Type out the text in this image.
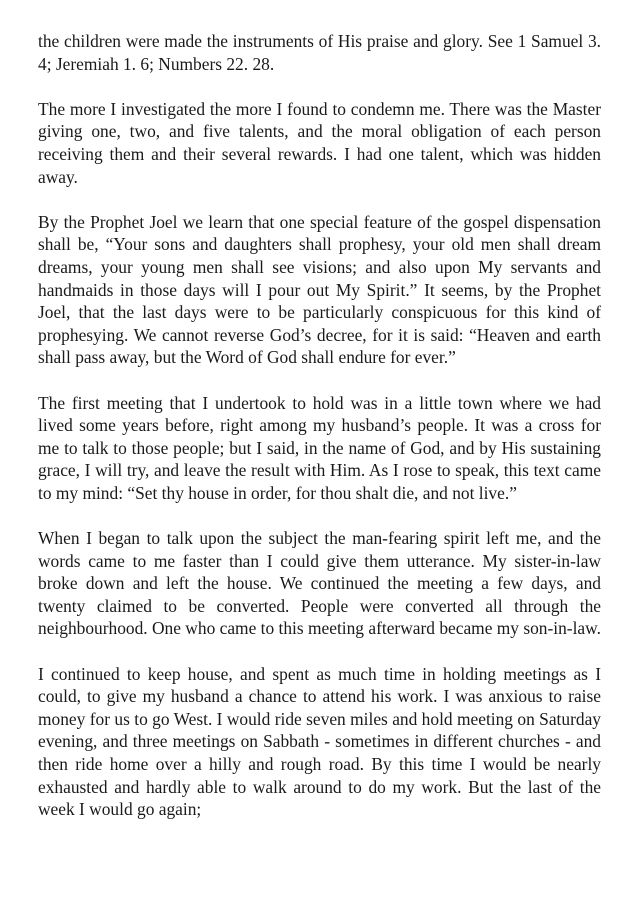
the children were made the instruments of His praise and glory. See 1 Samuel 3. 4; Jeremiah 1. 6; Numbers 22. 28.

The more I investigated the more I found to condemn me. There was the Master giving one, two, and five talents, and the moral obligation of each person receiving them and their several rewards. I had one talent, which was hidden away.

By the Prophet Joel we learn that one special feature of the gospel dispensation shall be, “Your sons and daughters shall prophesy, your old men shall dream dreams, your young men shall see visions; and also upon My servants and handmaids in those days will I pour out My Spirit.” It seems, by the Prophet Joel, that the last days were to be particularly conspicuous for this kind of prophesying. We cannot reverse God’s decree, for it is said: “Heaven and earth shall pass away, but the Word of God shall endure for ever.”

The first meeting that I undertook to hold was in a little town where we had lived some years before, right among my husband’s people. It was a cross for me to talk to those people; but I said, in the name of God, and by His sustaining grace, I will try, and leave the result with Him. As I rose to speak, this text came to my mind: “Set thy house in order, for thou shalt die, and not live.”

When I began to talk upon the subject the man-fearing spirit left me, and the words came to me faster than I could give them utterance. My sister-in-law broke down and left the house. We continued the meeting a few days, and twenty claimed to be converted. People were converted all through the neighbourhood. One who came to this meeting afterward became my son-in-law.

I continued to keep house, and spent as much time in holding meetings as I could, to give my husband a chance to attend his work. I was anxious to raise money for us to go West. I would ride seven miles and hold meeting on Saturday evening, and three meetings on Sabbath - sometimes in different churches - and then ride home over a hilly and rough road. By this time I would be nearly exhausted and hardly able to walk around to do my work. But the last of the week I would go again;
